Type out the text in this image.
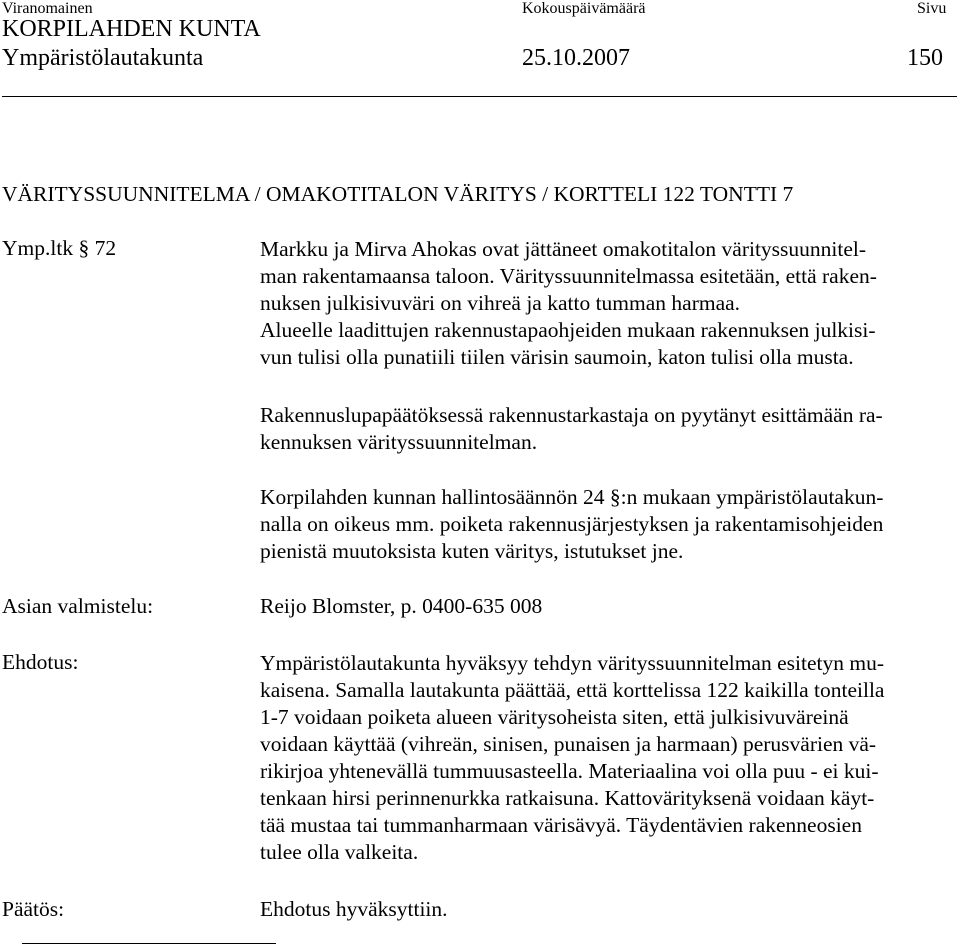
Viranomainen	Kokouspäivämäärä	Sivu
KORPILAHDEN KUNTA
Ympäristölautakunta	25.10.2007	150
VÄRITYSSUUNNITELMA / OMAKOTITALON VÄRITYS / KORTTELI 122 TONTTI 7
Ymp.ltk § 72	Markku ja Mirva Ahokas ovat jättäneet omakotitalon värityssuunnitel-
man rakentamaansa taloon. Värityssuunnitelmassa esitetään, että raken-
nuksen julkisivuväri on vihreä ja katto tumman harmaa.
Alueelle laadittujen rakennustapaohjeiden mukaan rakennuksen julkisi-
vun tulisi olla punatiili tiilen värisin saumoin, katon tulisi olla musta.
Rakennuslupapäätöksessä rakennustarkastaja on pyytänyt esittämään ra-
kennuksen värityssuunnitelman.
Korpilahden kunnan hallintosäännön 24 §:n mukaan ympäristölautakun-
nalla on oikeus mm. poiketa rakennusjärjestyksen ja rakentamisohjeiden
pienistä muutoksista kuten väritys, istutukset jne.
Asian valmistelu:	Reijo Blomster, p. 0400-635 008
Ehdotus:	Ympäristölautakunta hyväksyy tehdyn värityssuunnitelman esitetyn mu-
kaisena. Samalla lautakunta päättää, että korttelissa 122 kaikilla tonteilla
1-7 voidaan poiketa alueen väritysoheista siten, että julkisivuväreinä
voidaan käyttää (vihreän, sinisen, punaisen ja harmaan) perusvärien vä-
rikirjoa yhtenevällä tummuusasteella. Materiaalina voi olla puu - ei kui-
tenkaan hirsi perinnenurkka ratkaisuna. Kattovärityksenä voidaan käyt-
tää mustaa tai tummanharmaan värisävyä. Täydentävien rakenneosien
tulee olla valkeita.
Päätös:	Ehdotus hyväksyttiin.
